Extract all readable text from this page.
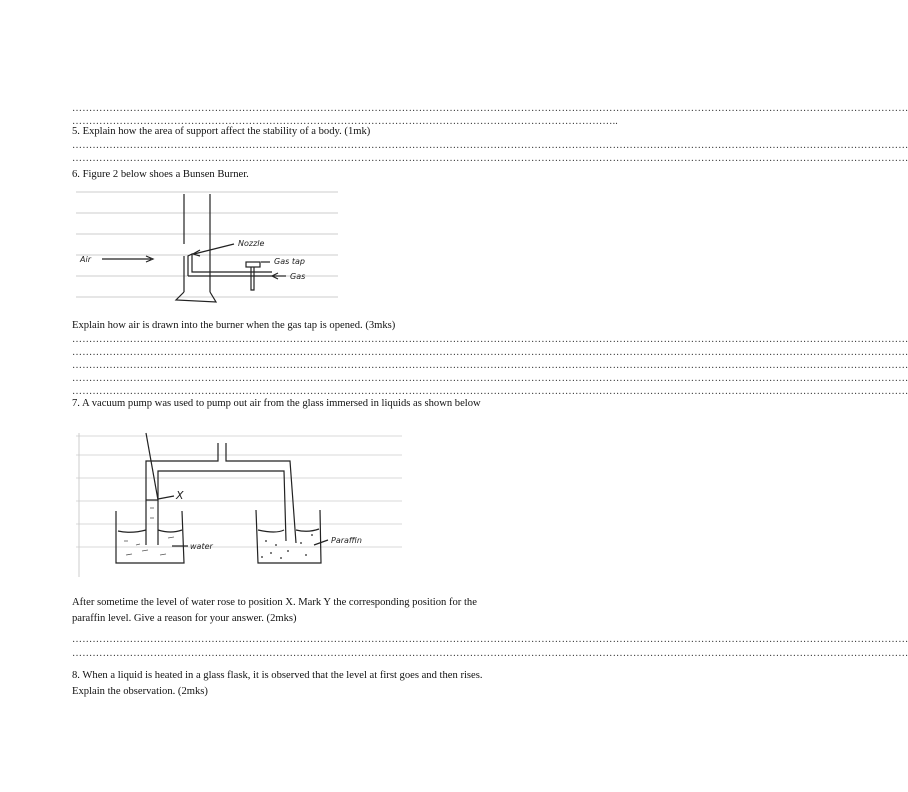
…………………………………………………………………………………………………………………………………………………………………………………………………………………………
……………………………………………………………………………………………………………………………………………..
5. Explain how the area of support affect the stability of a body. (1mk)
…………………………………………………………………………………………………………………………………………………………………………………………………………………………
…………………………………………………………………………………………………………………………………………………………………………………………………………………………
6. Figure 2 below shoes a Bunsen Burner.
Air
Nozzle
Gas tap
Gas
Explain how air is drawn into the burner when the gas tap is opened. (3mks)
…………………………………………………………………………………………………………………………………………………………………………………………………………………………
…………………………………………………………………………………………………………………………………………………………………………………………………………………………
…………………………………………………………………………………………………………………………………………………………………………………………………………………………
…………………………………………………………………………………………………………………………………………………………………………………………………………………………
…………………………………………………………………………………………………………………………………………………………………………………………………………………………
7. A vacuum pump was used to pump out air from the glass immersed in liquids as shown below
X
water
Paraffin
After sometime the level of water rose to position X. Mark Y the corresponding position for the
paraffin level. Give a reason for your answer. (2mks)
…………………………………………………………………………………………………………………………………………………………………………………………………………………………
…………………………………………………………………………………………………………………………………………………………………………………………………………………………
8. When a liquid is heated in a glass flask, it is observed that the level at first goes and then rises.
Explain the observation. (2mks)
